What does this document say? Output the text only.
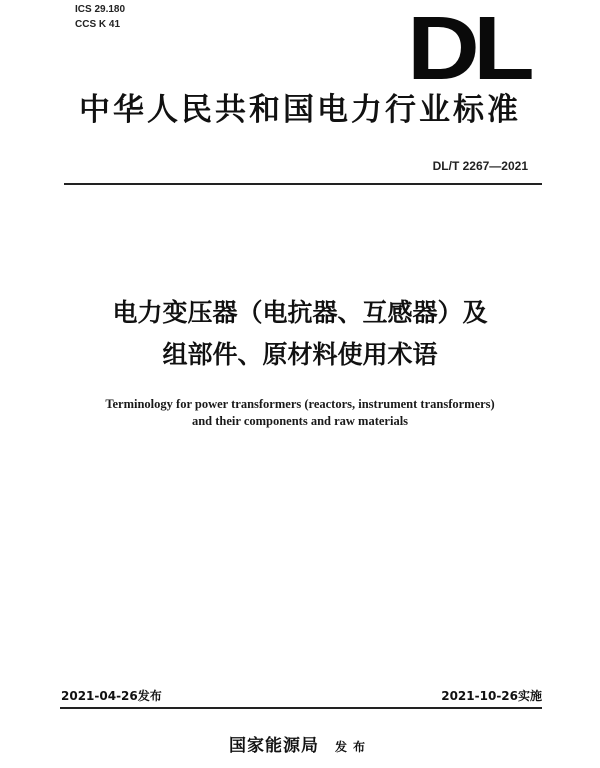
ICS 29.180
CCS K 41	DL
中华人民共和国电力行业标准
DL/T 2267—2021
电力变压器（电抗器、互感器）及
组部件、原材料使用术语
Terminology for power transformers (reactors, instrument transformers)
and their components and raw materials
2021-04-26发布	2021-10-26实施
国家能源局 发布
